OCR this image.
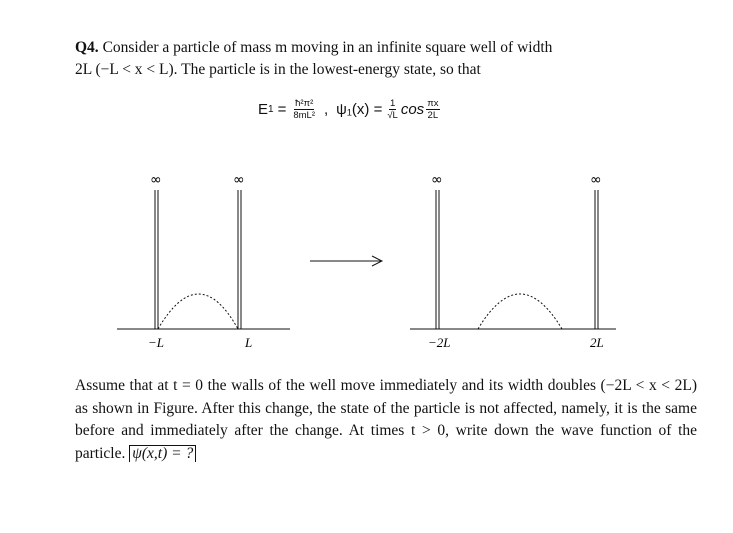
Q4. Consider a particle of mass m moving in an infinite square well of width
2L (−L < x < L). The particle is in the lowest-energy state, so that
E $1 = \frac{\text{ħ²π²}}{\text{8mL²}}$ , $\psi_1(x) = \frac{1}{√L}$ $\cos \frac{\pi x}{2L}$
∞	∞
−L	L
∞	∞
−2L	2L
Assume that at t = 0 the walls of the well move immediately and its width doubles (−2L < x < 2L) as shown in Figure. After this change, the state of the particle is not affected, namely, it is the same before and immediately after the change. At times t > 0, write down the wave function of the particle. ψ(x,t) = ?
